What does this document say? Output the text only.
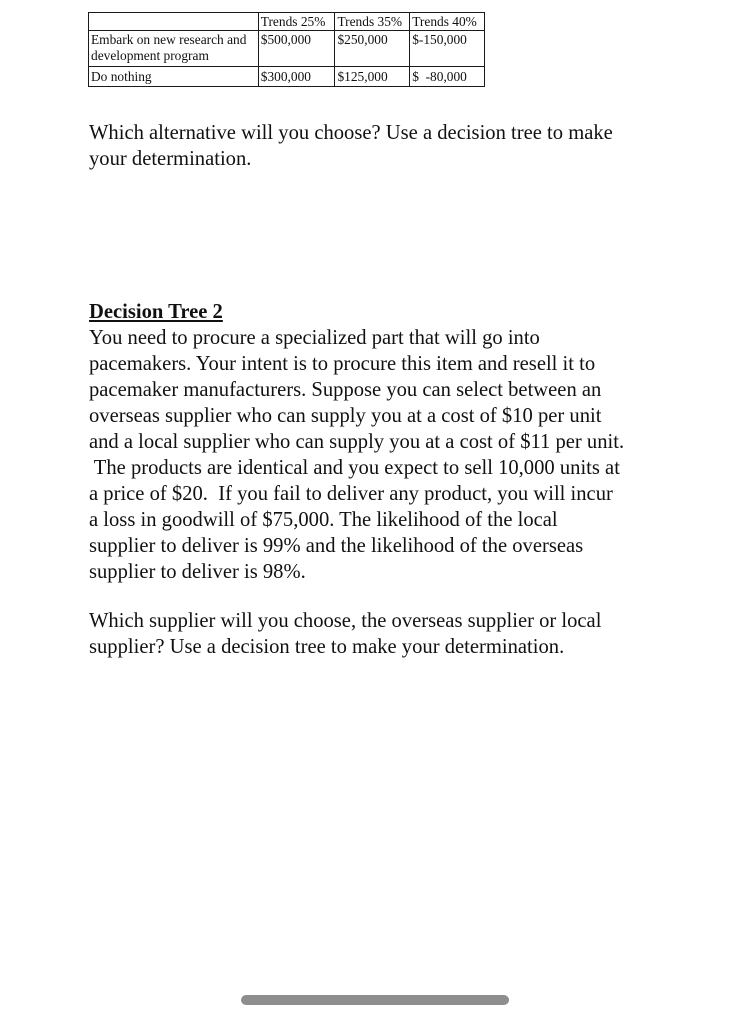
	Trends 25%	Trends 35%	Trends 40%
Embark on new research and development program	$500,000	$250,000	$-150,000
Do nothing	$300,000	$125,000	$  -80,000

Which alternative will you choose? Use a decision tree to make
your determination.

Decision Tree 2

You need to procure a specialized part that will go into
pacemakers. Your intent is to procure this item and resell it to
pacemaker manufacturers. Suppose you can select between an
overseas supplier who can supply you at a cost of $10 per unit
and a local supplier who can supply you at a cost of $11 per unit.
The products are identical and you expect to sell 10,000 units at
a price of $20.  If you fail to deliver any product, you will incur
a loss in goodwill of $75,000. The likelihood of the local
supplier to deliver is 99% and the likelihood of the overseas
supplier to deliver is 98%.

Which supplier will you choose, the overseas supplier or local
supplier? Use a decision tree to make your determination.
